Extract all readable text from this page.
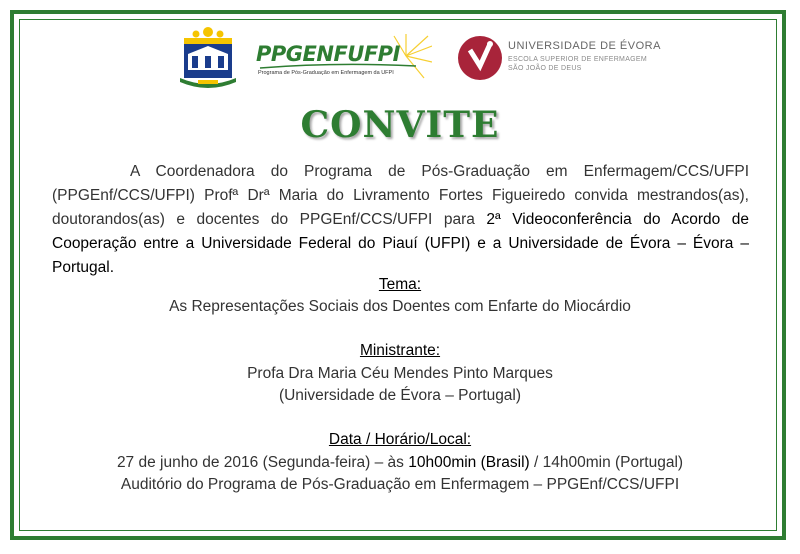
PPGENFUFPI
Programa de Pós-Graduação em Enfermagem da UFPI
UNIVERSIDADE DE ÉVORA
ESCOLA SUPERIOR DE ENFERMAGEM
SÃO JOÃO DE DEUS
CONVITE
A Coordenadora do Programa de Pós-Graduação em Enfermagem/CCS/UFPI (PPGEnf/CCS/UFPI) Profª Drª Maria do Livramento Fortes Figueiredo convida mestrandos(as), doutorandos(as) e docentes do PPGEnf/CCS/UFPI para 2ª Videoconferência do Acordo de Cooperação entre a Universidade Federal do Piauí (UFPI) e a Universidade de Évora – Évora – Portugal.
Tema:
As Representações Sociais dos Doentes com Enfarte do Miocárdio
Ministrante:
Profa Dra Maria Céu Mendes Pinto Marques
(Universidade de Évora – Portugal)
Data / Horário/Local:
27 de junho de 2016 (Segunda-feira) – às 10h00min (Brasil) / 14h00min (Portugal)
Auditório do Programa de Pós-Graduação em Enfermagem – PPGEnf/CCS/UFPI
